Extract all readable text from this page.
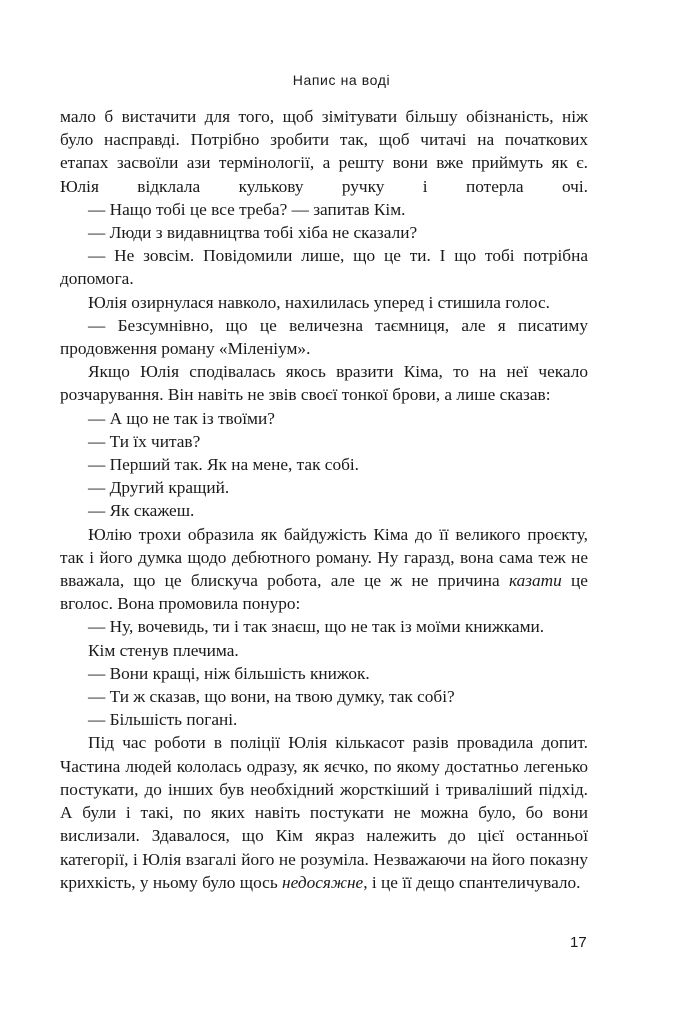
Напис на воді

мало б вистачити для того, щоб зімітувати більшу обізнаність, ніж було насправді. Потрібно зробити так, щоб читачі на початкових етапах засвоїли ази термінології, а решту вони вже приймуть як є. Юлія відклала кулькову ручку і потерла очі.

— Нащо тобі це все треба? — запитав Кім.

— Люди з видавництва тобі хіба не сказали?

— Не зовсім. Повідомили лише, що це ти. І що тобі потрібна допомога.

Юлія озирнулася навколо, нахилилась уперед і стишила голос.

— Безсумнівно, що це величезна таємниця, але я писатиму продовження роману «Міленіум».

Якщо Юлія сподівалась якось вразити Кіма, то на неї чекало розчарування. Він навіть не звів своєї тонкої брови, а лише сказав:

— А що не так із твоїми?

— Ти їх читав?

— Перший так. Як на мене, так собі.

— Другий кращий.

— Як скажеш.

Юлію трохи образила як байдужість Кіма до її великого проєкту, так і його думка щодо дебютного роману. Ну гаразд, вона сама теж не вважала, що це блискуча робота, але це ж не причина казати це вголос. Вона промовила понуро:

— Ну, вочевидь, ти і так знаєш, що не так із моїми книжками.

Кім стенув плечима.

— Вони кращі, ніж більшість книжок.

— Ти ж сказав, що вони, на твою думку, так собі?

— Більшість погані.

Під час роботи в поліції Юлія кількасот разів провадила допит. Частина людей кололась одразу, як яєчко, по якому достатньо легенько постукати, до інших був необхідний жорсткіший і триваліший підхід. А були і такі, по яких навіть постукати не можна було, бо вони вислизали. Здавалося, що Кім якраз належить до цієї останньої категорії, і Юлія взагалі його не розуміла. Незважаючи на його показну крихкість, у ньому було щось недосяжне, і це її дещо спантеличувало.

17
